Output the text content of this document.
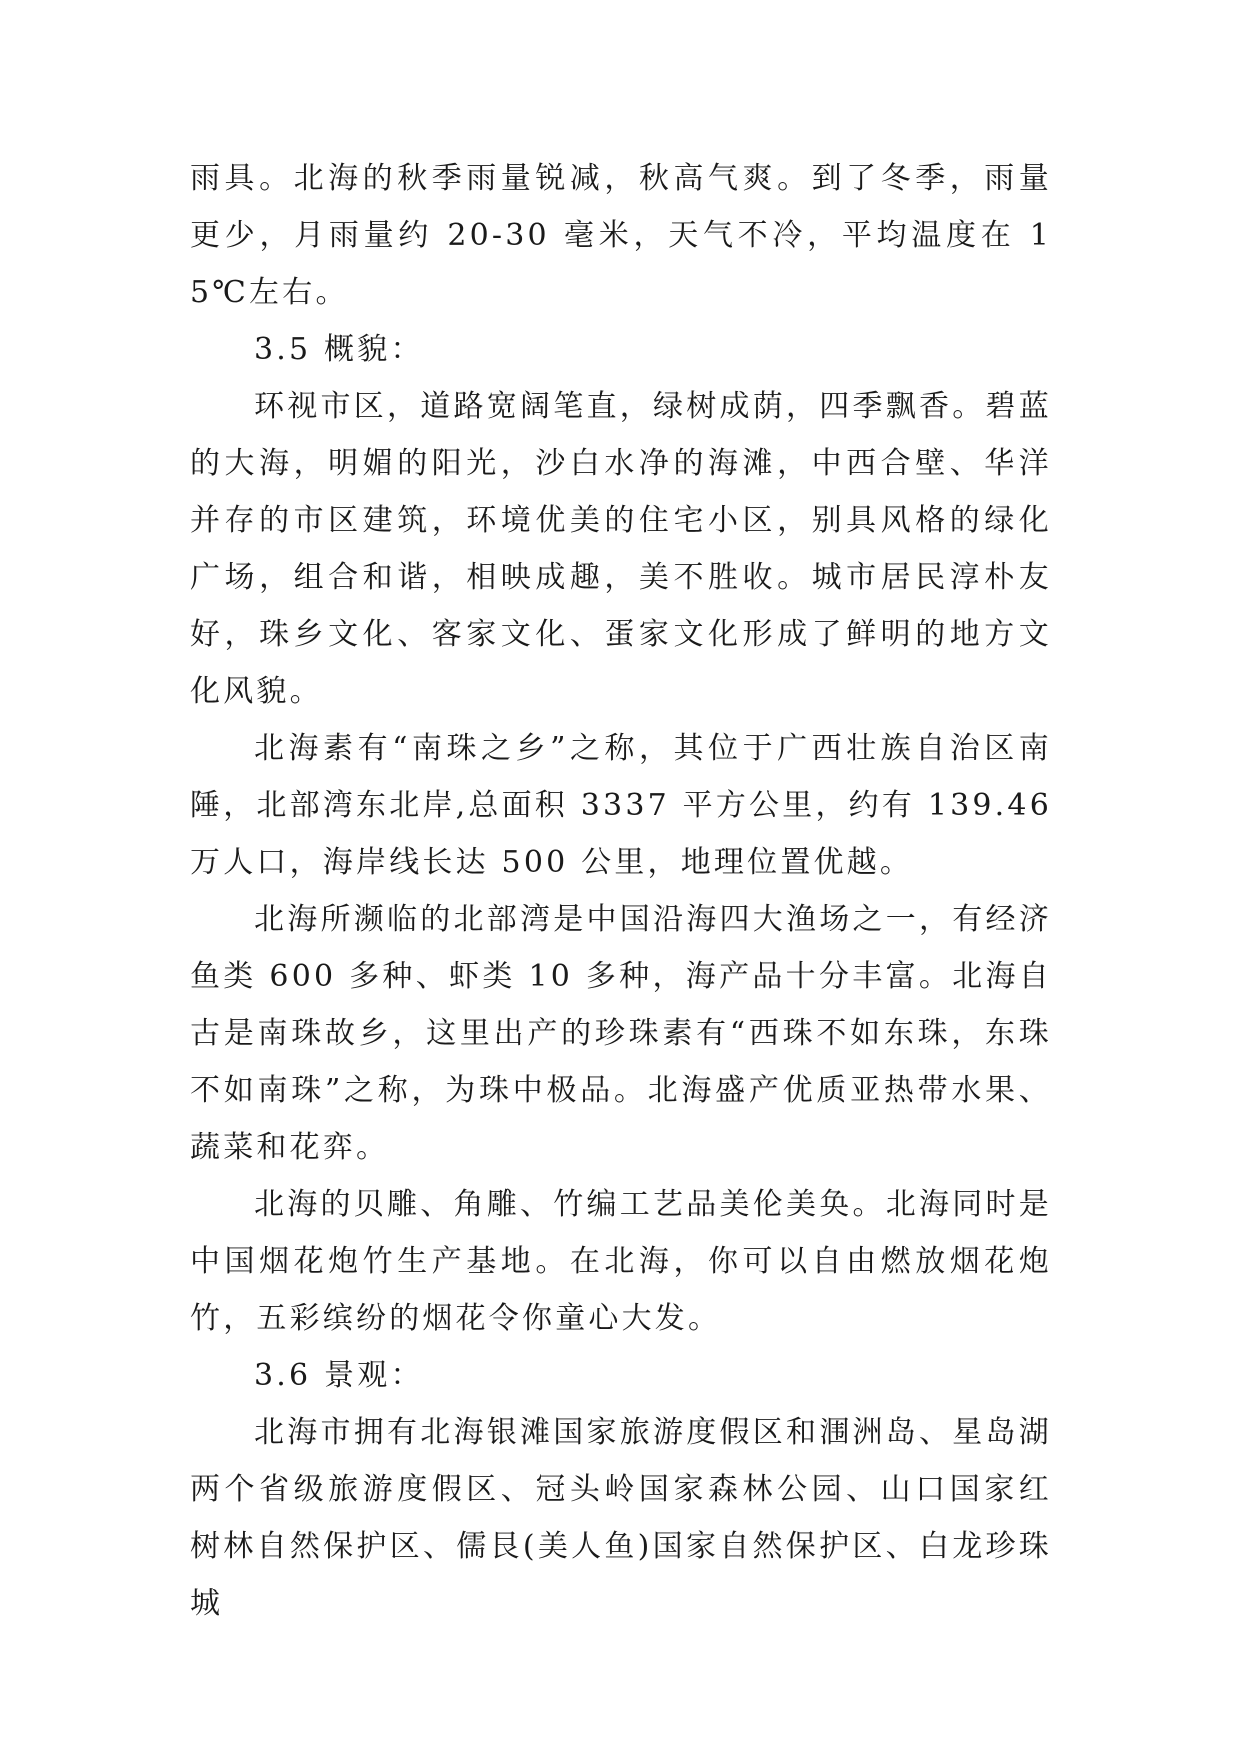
雨具。北海的秋季雨量锐减，秋高气爽。到了冬季，雨量更少，月雨量约 20-30 毫米，天气不冷，平均温度在 15℃左右。

3.5 概貌：

环视市区，道路宽阔笔直，绿树成荫，四季飘香。碧蓝的大海，明媚的阳光，沙白水净的海滩，中西合壁、华洋并存的市区建筑，环境优美的住宅小区，别具风格的绿化广场，组合和谐，相映成趣，美不胜收。城市居民淳朴友好，珠乡文化、客家文化、蛋家文化形成了鲜明的地方文化风貌。

北海素有“南珠之乡”之称，其位于广西壮族自治区南陲，北部湾东北岸,总面积 3337 平方公里，约有 139.46 万人口，海岸线长达 500 公里，地理位置优越。

北海所濒临的北部湾是中国沿海四大渔场之一，有经济鱼类 600 多种、虾类 10 多种，海产品十分丰富。北海自古是南珠故乡，这里出产的珍珠素有“西珠不如东珠，东珠不如南珠”之称，为珠中极品。北海盛产优质亚热带水果、蔬菜和花弈。

北海的贝雕、角雕、竹编工艺品美伦美奂。北海同时是中国烟花炮竹生产基地。在北海，你可以自由燃放烟花炮竹，五彩缤纷的烟花令你童心大发。

3.6 景观：

北海市拥有北海银滩国家旅游度假区和涠洲岛、星岛湖两个省级旅游度假区、冠头岭国家森林公园、山口国家红树林自然保护区、儒艮(美人鱼)国家自然保护区、白龙珍珠城
